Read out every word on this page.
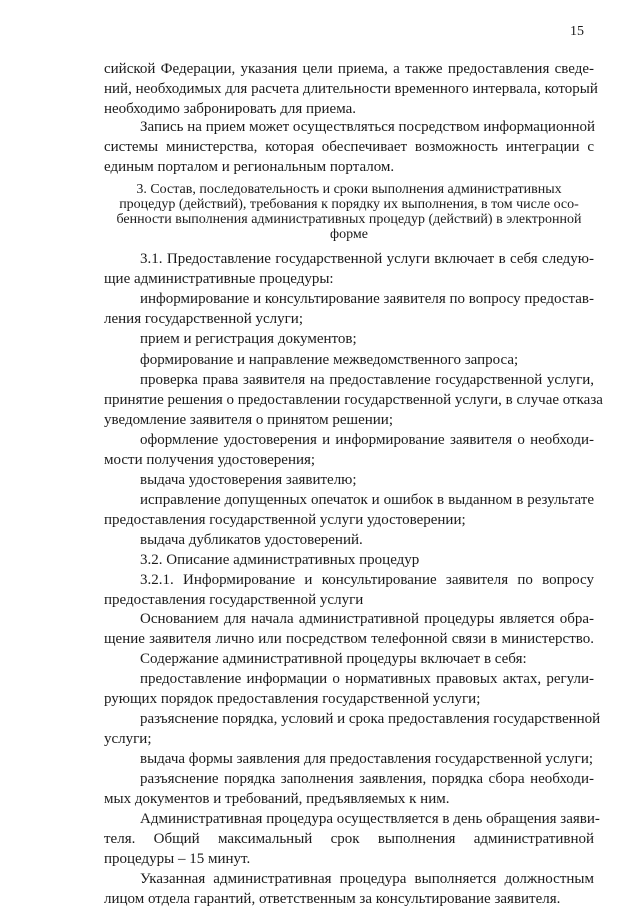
15
сийской Федерации, указания цели приема, а также предоставления сведе-
ний, необходимых для расчета длительности временного интервала, который
необходимо забронировать для приема.
Запись на прием может осуществляться посредством информационной
системы министерства, которая обеспечивает возможность интеграции с
единым порталом и региональным порталом.
3. Состав, последовательность и сроки выполнения административных
процедур (действий), требования к порядку их выполнения, в том числе осо-
бенности выполнения административных процедур (действий) в электронной
форме
3.1. Предоставление государственной услуги включает в себя следую-
щие административные процедуры:
информирование и консультирование заявителя по вопросу предостав-
ления государственной услуги;
прием и регистрация документов;
формирование и направление межведомственного запроса;
проверка права заявителя на предоставление государственной услуги,
принятие решения о предоставлении государственной услуги, в случае отказа
уведомление заявителя о принятом решении;
оформление удостоверения и информирование заявителя о необходи-
мости получения удостоверения;
выдача удостоверения заявителю;
исправление допущенных опечаток и ошибок в выданном в результате
предоставления государственной услуги удостоверении;
выдача дубликатов удостоверений.
3.2. Описание административных процедур
3.2.1. Информирование и консультирование заявителя по вопросу
предоставления государственной услуги
Основанием для начала административной процедуры является обра-
щение заявителя лично или посредством телефонной связи в министерство.
Содержание административной процедуры включает в себя:
предоставление информации о нормативных правовых актах, регули-
рующих порядок предоставления государственной услуги;
разъяснение порядка, условий и срока предоставления государственной
услуги;
выдача формы заявления для предоставления государственной услуги;
разъяснение порядка заполнения заявления, порядка сбора необходи-
мых документов и требований, предъявляемых к ним.
Административная процедура осуществляется в день обращения заяви-
теля. Общий максимальный срок выполнения административной
процедуры – 15 минут.
Указанная административная процедура выполняется должностным
лицом отдела гарантий, ответственным за консультирование заявителя.
